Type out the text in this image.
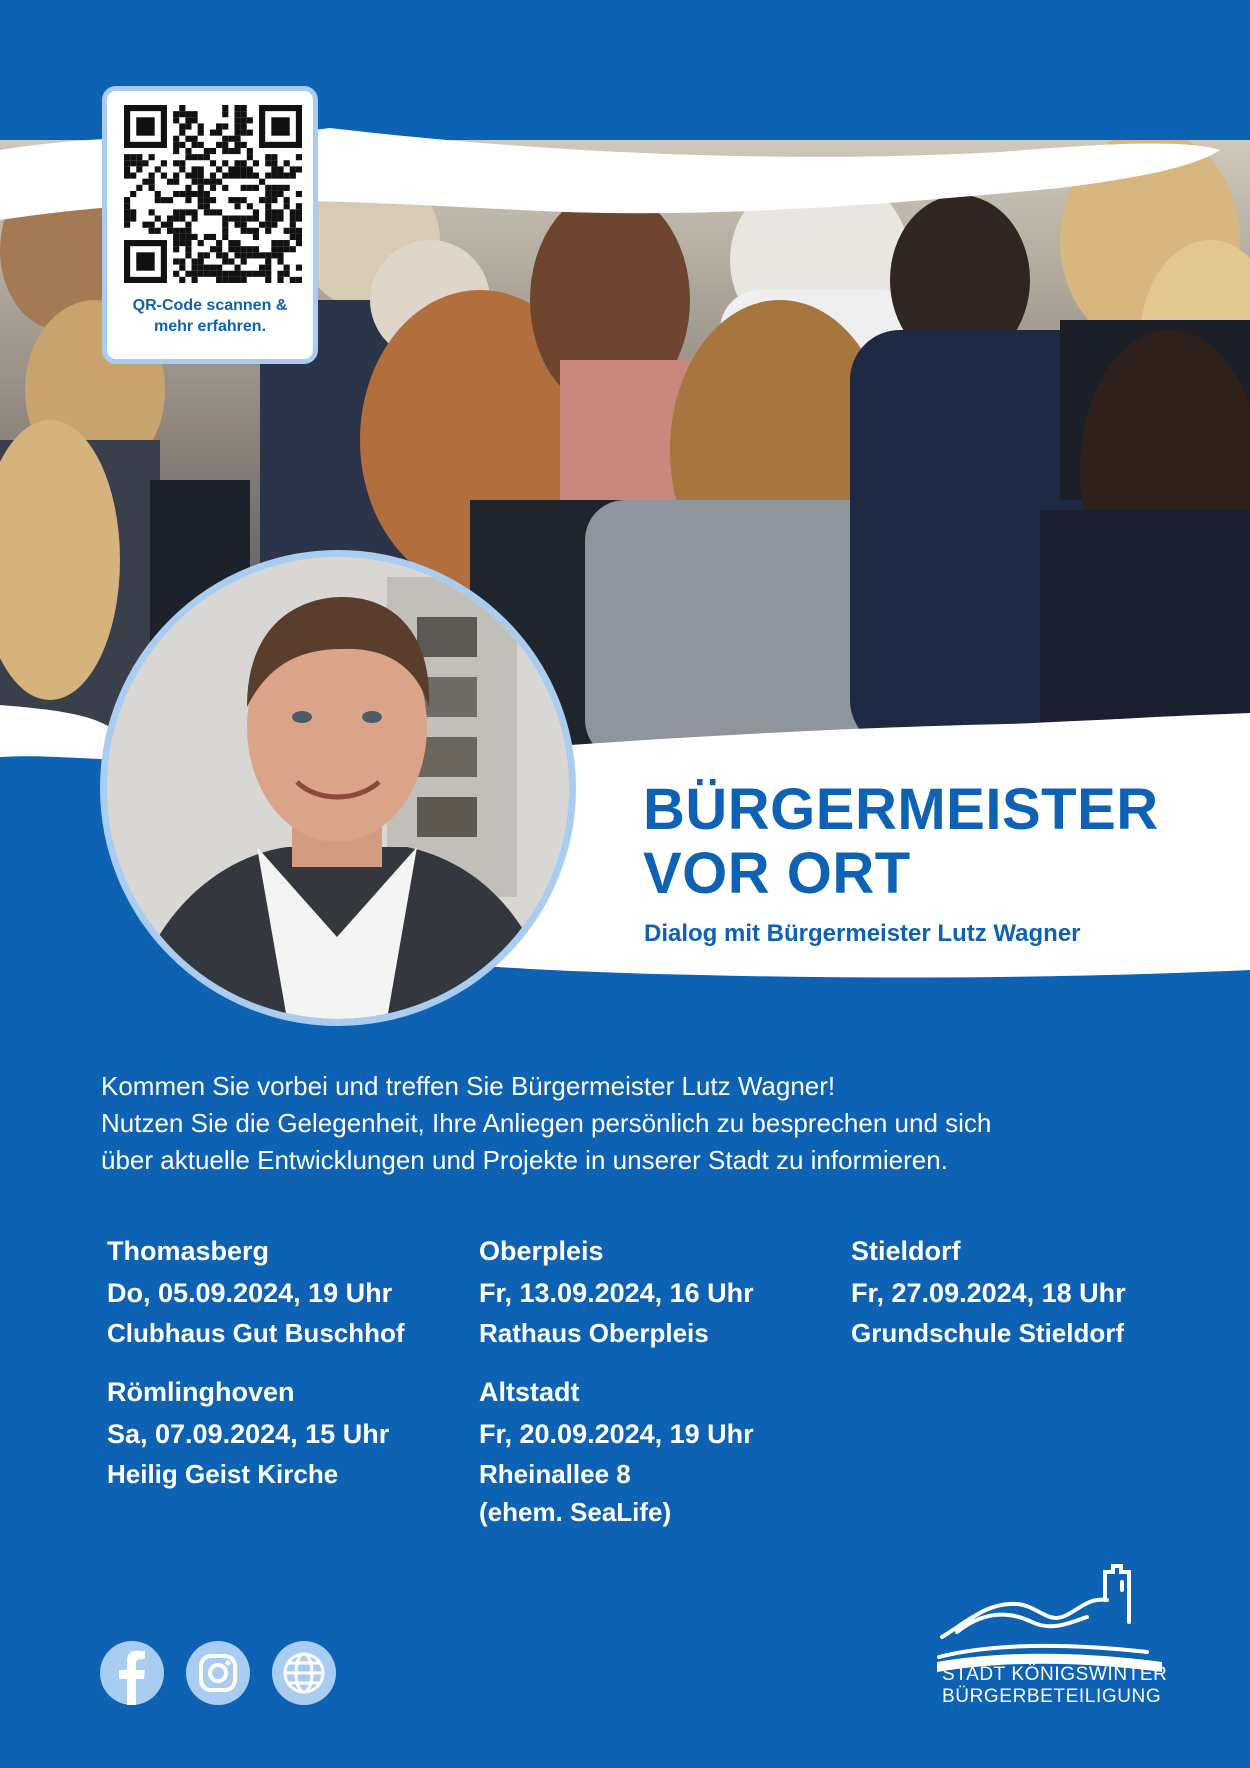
QR-Code scannen &
mehr erfahren.
BÜRGERMEISTER
VOR ORT
Dialog mit Bürgermeister Lutz Wagner
Kommen Sie vorbei und treffen Sie Bürgermeister Lutz Wagner!
Nutzen Sie die Gelegenheit, Ihre Anliegen persönlich zu besprechen und sich
über aktuelle Entwicklungen und Projekte in unserer Stadt zu informieren.
Thomasberg
Do, 05.09.2024, 19 Uhr
Clubhaus Gut Buschhof
Oberpleis
Fr, 13.09.2024, 16 Uhr
Rathaus Oberpleis
Stieldorf
Fr, 27.09.2024, 18 Uhr
Grundschule Stieldorf
Römlinghoven
Sa, 07.09.2024, 15 Uhr
Heilig Geist Kirche
Altstadt
Fr, 20.09.2024, 19 Uhr
Rheinallee 8
(ehem. SeaLife)
STADT KÖNIGSWINTER
BÜRGERBETEILIGUNG
